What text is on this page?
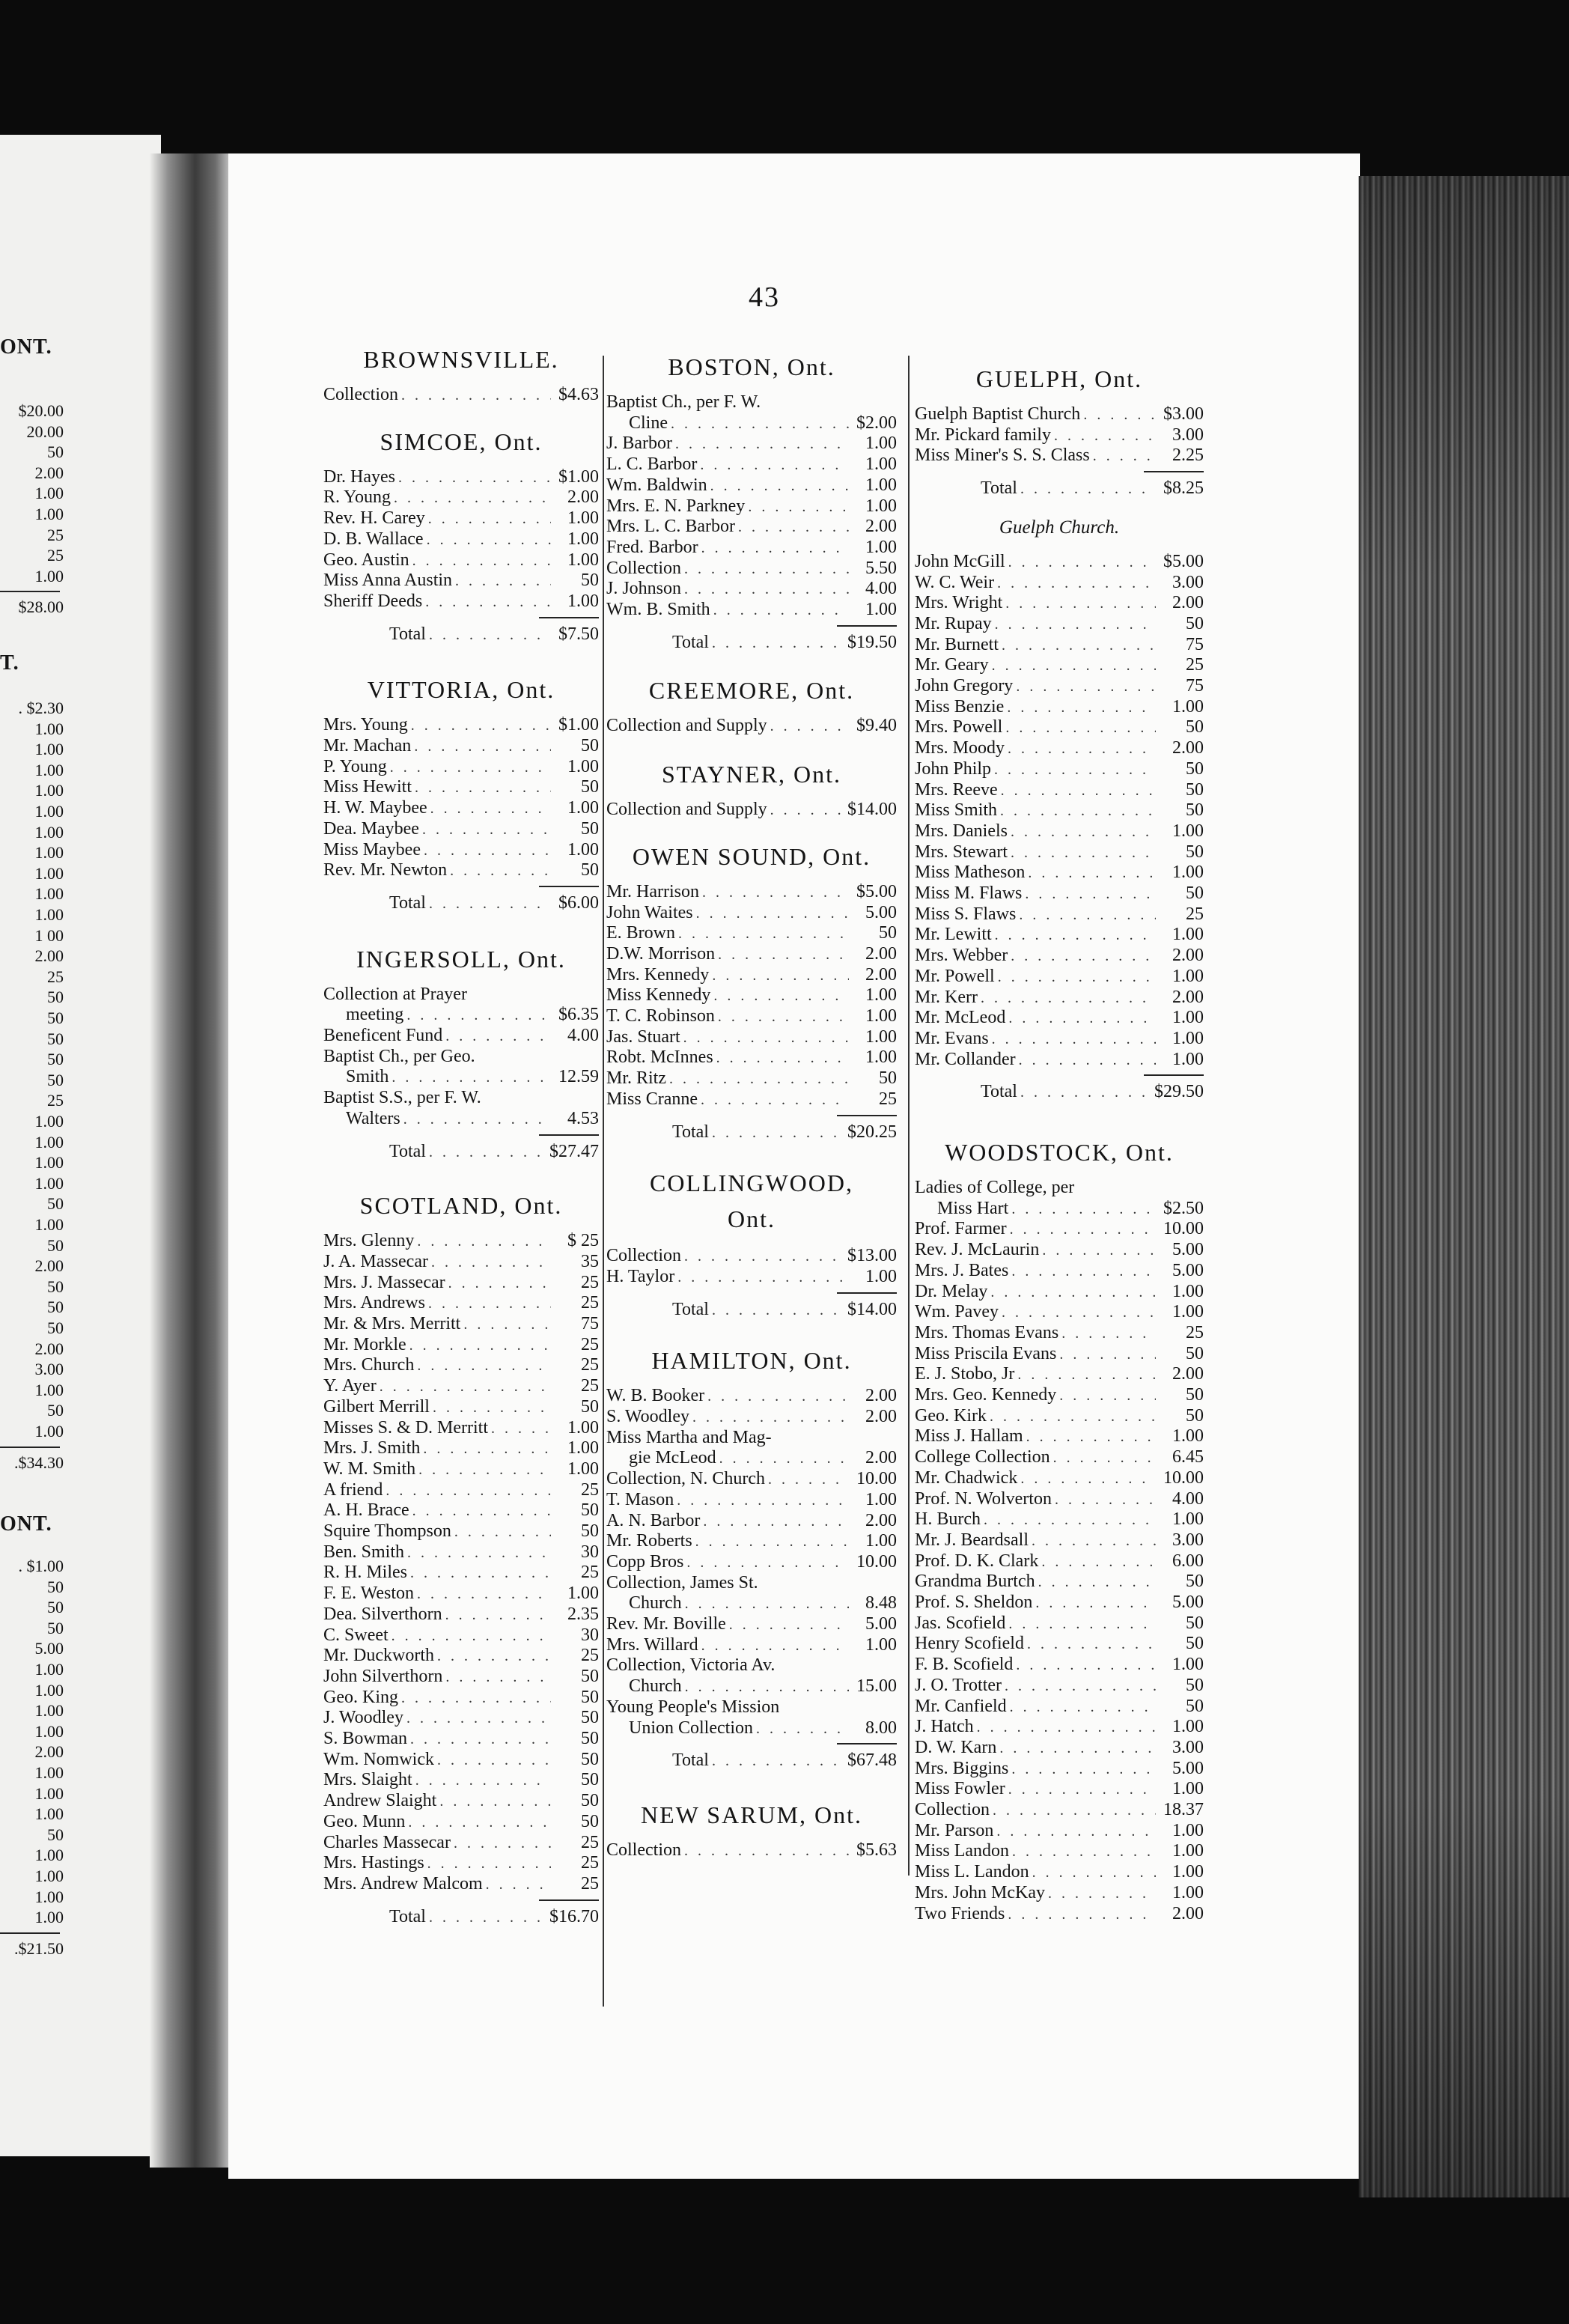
ONT.
$20.00
20.00
50
2.00
1.00
1.00
25
25
1.00
$28.00
T.
. $2.30
1.00
1.00
1.00
1.00
1.00
1.00
1.00
1.00
1.00
1.00
1 00
2.00
25
50
50
50
50
50
25
1.00
1.00
1.00
1.00
50
1.00
50
2.00
50
50
50
2.00
3.00
1.00
50
1.00
.$34.30
ONT.
. $1.00
50
50
50
5.00
1.00
1.00
1.00
1.00
2.00
1.00
1.00
1.00
50
1.00
1.00
1.00
1.00
.$21.50
43
BROWNSVILLE.
Collection . . .	$4.63
SIMCOE, Ont.
Dr. Hayes . . .	$1.00
R. Young . . .	2.00
Rev. H. Carey . . .	1.00
D. B. Wallace . . .	1.00
Geo. Austin . . .	1.00
Miss Anna Austin . . .	50
Sheriff Deeds . . .	1.00
Total . . .	$7.50
VITTORIA, Ont.
Mrs. Young . . .	$1.00
Mr. Machan . . .	50
P. Young . . .	1.00
Miss Hewitt . . .	50
H. W. Maybee . . .	1.00
Dea. Maybee . . .	50
Miss Maybee . . .	1.00
Rev. Mr. Newton . . .	50
Total . . .	$6.00
INGERSOLL, Ont.
Collection at Prayer
meeting . . .	$6.35
Beneficent Fund . . .	4.00
Baptist Ch., per Geo.
Smith . . .	12.59
Baptist S.S., per F. W.
Walters . . .	4.53
Total . . .	$27.47
SCOTLAND, Ont.
Mrs. Glenny . . .	$ 25
J. A. Massecar . . .	35
Mrs. J. Massecar . . .	25
Mrs. Andrews . . .	25
Mr. & Mrs. Merritt . . .	75
Mr. Morkle . . .	25
Mrs. Church . . .	25
Y. Ayer . . .	25
Gilbert Merrill . . .	50
Misses S. & D. Merritt . . .	1.00
Mrs. J. Smith . . .	1.00
W. M. Smith . . .	1.00
A friend . . .	25
A. H. Brace . . .	50
Squire Thompson . . .	50
Ben. Smith . . .	30
R. H. Miles . . .	25
F. E. Weston . . .	1.00
Dea. Silverthorn . . .	2.35
C. Sweet . . .	30
Mr. Duckworth . . .	25
John Silverthorn . . .	50
Geo. King . . .	50
J. Woodley . . .	50
S. Bowman . . .	50
Wm. Nomwick . . .	50
Mrs. Slaight . . .	50
Andrew Slaight . . .	50
Geo. Munn . . .	50
Charles Massecar . . .	25
Mrs. Hastings . . .	25
Mrs. Andrew Malcom . . .	25
Total . . .	$16.70
BOSTON, Ont.
Baptist Ch., per F. W.
Cline . . .	$2.00
J. Barbor . . .	1.00
L. C. Barbor . . .	1.00
Wm. Baldwin . . .	1.00
Mrs. E. N. Parkney . . .	1.00
Mrs. L. C. Barbor . . .	2.00
Fred. Barbor . . .	1.00
Collection . . .	5.50
J. Johnson . . .	4.00
Wm. B. Smith . . .	1.00
Total . . .	$19.50
CREEMORE, Ont.
Collection and Supply . . .	$9.40
STAYNER, Ont.
Collection and Supply . . .	$14.00
OWEN SOUND, Ont.
Mr. Harrison . . .	$5.00
John Waites . . .	5.00
E. Brown . . .	50
D.W. Morrison . . .	2.00
Mrs. Kennedy . . .	2.00
Miss Kennedy . . .	1.00
T. C. Robinson . . .	1.00
Jas. Stuart . . .	1.00
Robt. McInnes . . .	1.00
Mr. Ritz . . .	50
Miss Cranne . . .	25
Total . . .	$20.25
COLLINGWOOD,
Ont.
Collection . . .	$13.00
H. Taylor . . .	1.00
Total . . .	$14.00
HAMILTON, Ont.
W. B. Booker . . .	2.00
S. Woodley . . .	2.00
Miss Martha and Mag-
gie McLeod . . .	2.00
Collection, N. Church . . .	10.00
T. Mason . . .	1.00
A. N. Barbor . . .	2.00
Mr. Roberts . . .	1.00
Copp Bros . . .	10.00
Collection, James St.
Church . . .	8.48
Rev. Mr. Boville . . .	5.00
Mrs. Willard . . .	1.00
Collection, Victoria Av.
Church . . .	15.00
Young People's Mission
Union Collection . . .	8.00
Total . . .	$67.48
NEW SARUM, Ont.
Collection . . .	$5.63
GUELPH, Ont.
Guelph Baptist Church . . .	$3.00
Mr. Pickard family . . .	3.00
Miss Miner's S. S. Class . . .	2.25
Total . . .	$8.25
Guelph Church.
John McGill . . .	$5.00
W. C. Weir . . .	3.00
Mrs. Wright . . .	2.00
Mr. Rupay . . .	50
Mr. Burnett . . .	75
Mr. Geary . . .	25
John Gregory . . .	75
Miss Benzie . . .	1.00
Mrs. Powell . . .	50
Mrs. Moody . . .	2.00
John Philp . . .	50
Mrs. Reeve . . .	50
Miss Smith . . .	50
Mrs. Daniels . . .	1.00
Mrs. Stewart . . .	50
Miss Matheson . . .	1.00
Miss M. Flaws . . .	50
Miss S. Flaws . . .	25
Mr. Lewitt . . .	1.00
Mrs. Webber . . .	2.00
Mr. Powell . . .	1.00
Mr. Kerr . . .	2.00
Mr. McLeod . . .	1.00
Mr. Evans . . .	1.00
Mr. Collander . . .	1.00
Total . . .	$29.50
WOODSTOCK, Ont.
Ladies of College, per
Miss Hart . . .	$2.50
Prof. Farmer . . .	10.00
Rev. J. McLaurin . . .	5.00
Mrs. J. Bates . . .	5.00
Dr. Melay . . .	1.00
Wm. Pavey . . .	1.00
Mrs. Thomas Evans . . .	25
Miss Priscila Evans . . .	50
E. J. Stobo, Jr . . .	2.00
Mrs. Geo. Kennedy . . .	50
Geo. Kirk . . .	50
Miss J. Hallam . . .	1.00
College Collection . . .	6.45
Mr. Chadwick . . .	10.00
Prof. N. Wolverton . . .	4.00
H. Burch . . .	1.00
Mr. J. Beardsall . . .	3.00
Prof. D. K. Clark . . .	6.00
Grandma Burtch . . .	50
Prof. S. Sheldon . . .	5.00
Jas. Scofield . . .	50
Henry Scofield . . .	50
F. B. Scofield . . .	1.00
J. O. Trotter . . .	50
Mr. Canfield . . .	50
J. Hatch . . .	1.00
D. W. Karn . . .	3.00
Mrs. Biggins . . .	5.00
Miss Fowler . . .	1.00
Collection . . .	18.37
Mr. Parson . . .	1.00
Miss Landon . . .	1.00
Miss L. Landon . . .	1.00
Mrs. John McKay . . .	1.00
Two Friends . . .	2.00
